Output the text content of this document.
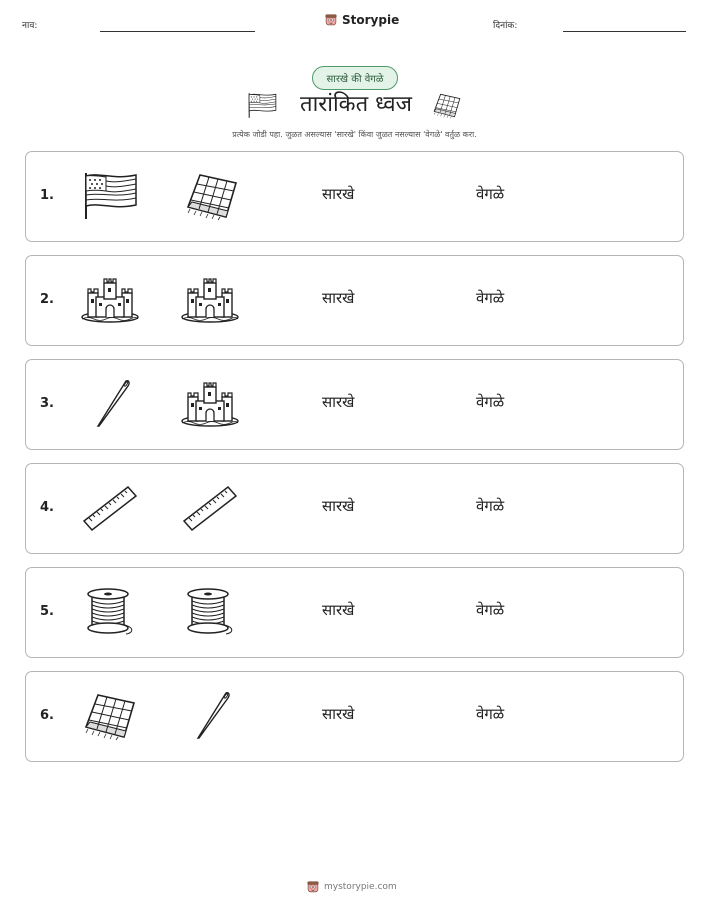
नाव:	Storypie	दिनांक:
सारखे की वेगळे
तारांकित ध्वज
प्रत्येक जोडी पहा. जुळत असल्यास 'सारखे' किंवा जुळत नसल्यास 'वेगळे' वर्तुळ करा.
1.	सारखे	वेगळे
2.	सारखे	वेगळे
3.	सारखे	वेगळे
4.	सारखे	वेगळे
5.	सारखे	वेगळे
6.	सारखे	वेगळे
mystorypie.com
